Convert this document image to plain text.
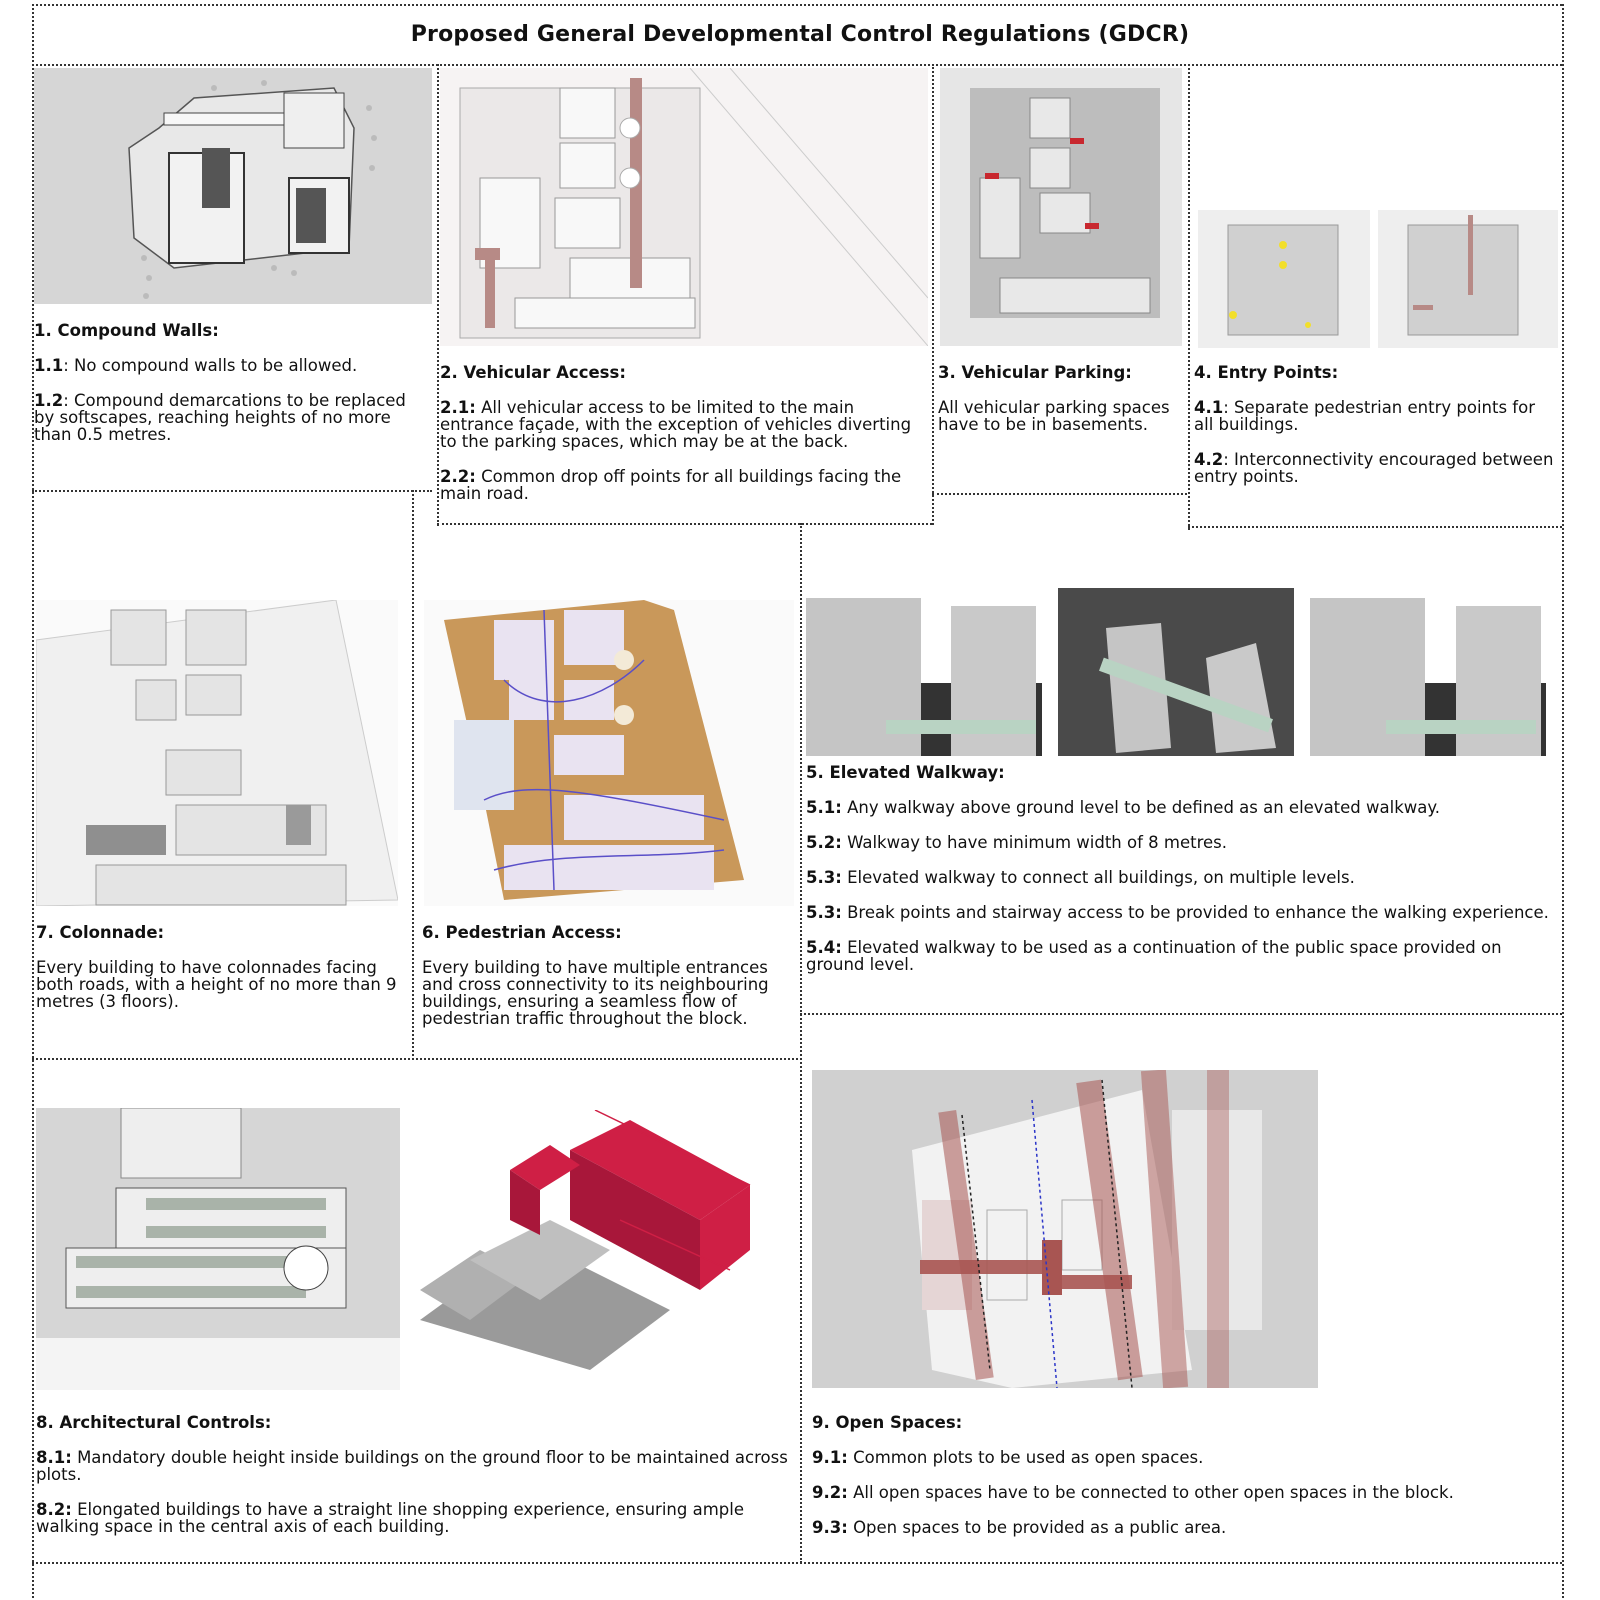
Proposed General Developmental Control Regulations (GDCR)
1. Compound Walls:

1.1: No compound walls to be allowed.

1.2: Compound demarcations to be replaced by softscapes, reaching heights of no more than 0.5 metres.

2. Vehicular Access:

2.1: All vehicular access to be limited to the main entrance façade, with the exception of vehicles diverting to the parking spaces, which may be at the back.

2.2: Common drop off points for all buildings facing the main road.

3. Vehicular Parking:

All vehicular parking spaces have to be in basements.

4. Entry Points:

4.1: Separate pedestrian entry points for all buildings.

4.2: Interconnectivity encouraged between entry points.

7. Colonnade:

Every building to have colonnades facing both roads, with a height of no more than 9 metres (3 floors).

6. Pedestrian Access:

Every building to have multiple entrances and cross connectivity to its neighbouring buildings, ensuring a seamless flow of pedestrian traffic throughout the block.

5. Elevated Walkway:

5.1: Any walkway above ground level to be defined as an elevated walkway.

5.2: Walkway to have minimum width of 8 metres.

5.3: Elevated walkway to connect all buildings, on multiple levels.

5.3: Break points and stairway access to be provided to enhance the walking experience.

5.4: Elevated walkway to be used as a continuation of the public space provided on ground level.

8. Architectural Controls:

8.1: Mandatory double height inside buildings on the ground floor to be maintained across plots.

8.2: Elongated buildings to have a straight line shopping experience, ensuring ample walking space in the central axis of each building.

9. Open Spaces:

9.1: Common plots to be used as open spaces.

9.2: All open spaces have to be connected to other open spaces in the block.

9.3: Open spaces to be provided as a public area.
